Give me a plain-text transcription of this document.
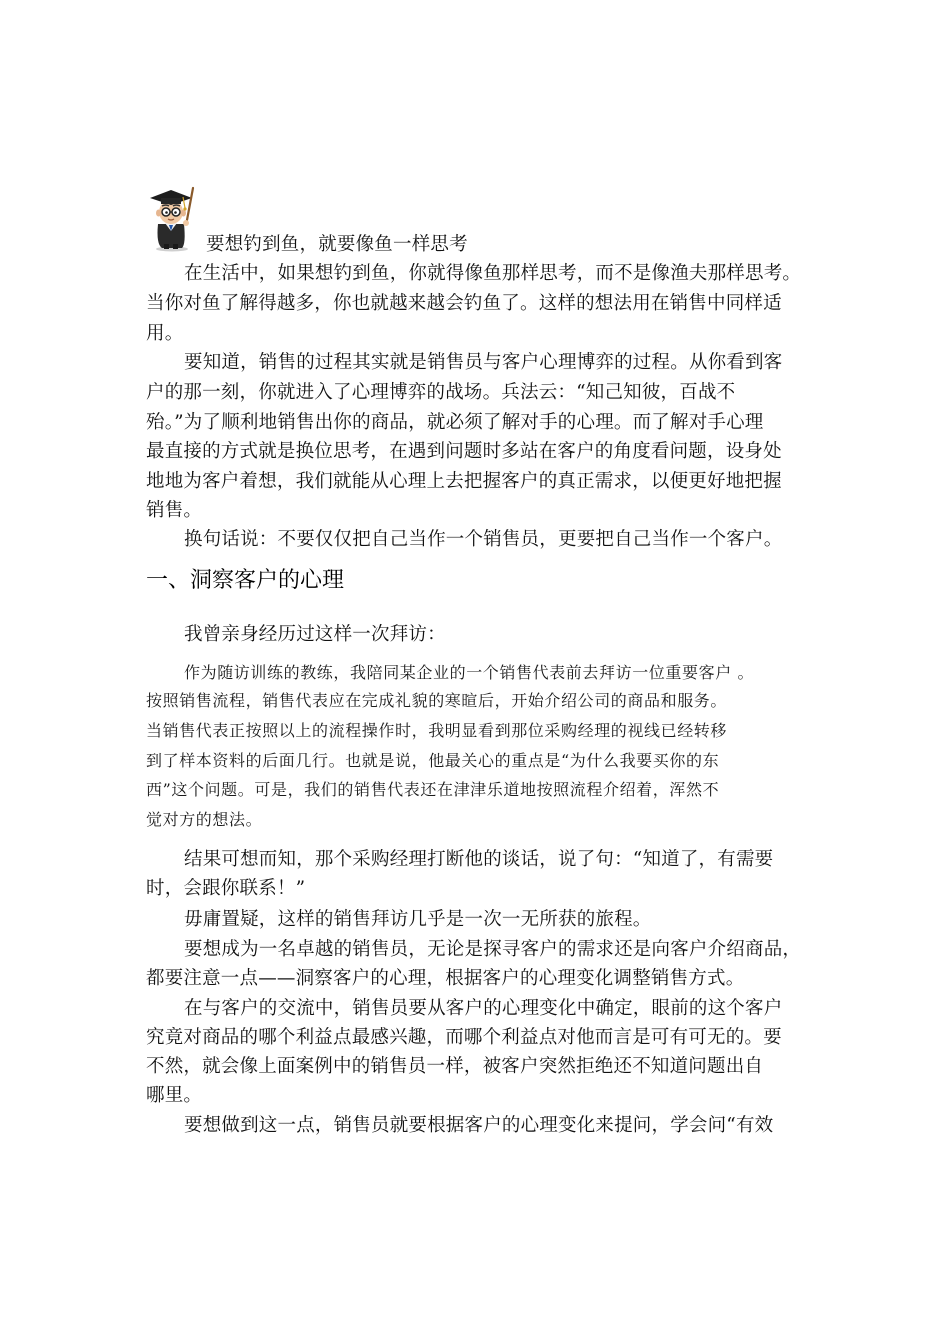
要想钓到鱼，就要像鱼一样思考
在生活中，如果想钓到鱼，你就得像鱼那样思考，而不是像渔夫那样思考。
当你对鱼了解得越多，你也就越来越会钓鱼了。这样的想法用在销售中同样适
用。
要知道，销售的过程其实就是销售员与客户心理博弈的过程。从你看到客
户的那一刻，你就进入了心理博弈的战场。兵法云：“知己知彼，百战不
殆。”为了顺利地销售出你的商品，就必须了解对手的心理。而了解对手心理
最直接的方式就是换位思考，在遇到问题时多站在客户的角度看问题，设身处
地地为客户着想，我们就能从心理上去把握客户的真正需求，以便更好地把握
销售。
换句话说：不要仅仅把自己当作一个销售员，更要把自己当作一个客户。
一、洞察客户的心理
我曾亲身经历过这样一次拜访：
作为随访训练的教练，我陪同某企业的一个销售代表前去拜访一位重要客户 。
按照销售流程，销售代表应在完成礼貌的寒暄后，开始介绍公司的商品和服务。
当销售代表正按照以上的流程操作时，我明显看到那位采购经理的视线已经转移
到了样本资料的后面几行。也就是说，他最关心的重点是“为什么我要买你的东
西”这个问题。可是，我们的销售代表还在津津乐道地按照流程介绍着，浑然不
觉对方的想法。
结果可想而知，那个采购经理打断他的谈话，说了句：“知道了，有需要
时，会跟你联系！”
毋庸置疑，这样的销售拜访几乎是一次一无所获的旅程。
要想成为一名卓越的销售员，无论是探寻客户的需求还是向客户介绍商品，
都要注意一点——洞察客户的心理，根据客户的心理变化调整销售方式。
在与客户的交流中，销售员要从客户的心理变化中确定，眼前的这个客户
究竟对商品的哪个利益点最感兴趣，而哪个利益点对他而言是可有可无的。要
不然，就会像上面案例中的销售员一样，被客户突然拒绝还不知道问题出自
哪里。
要想做到这一点，销售员就要根据客户的心理变化来提问，学会问“有效
